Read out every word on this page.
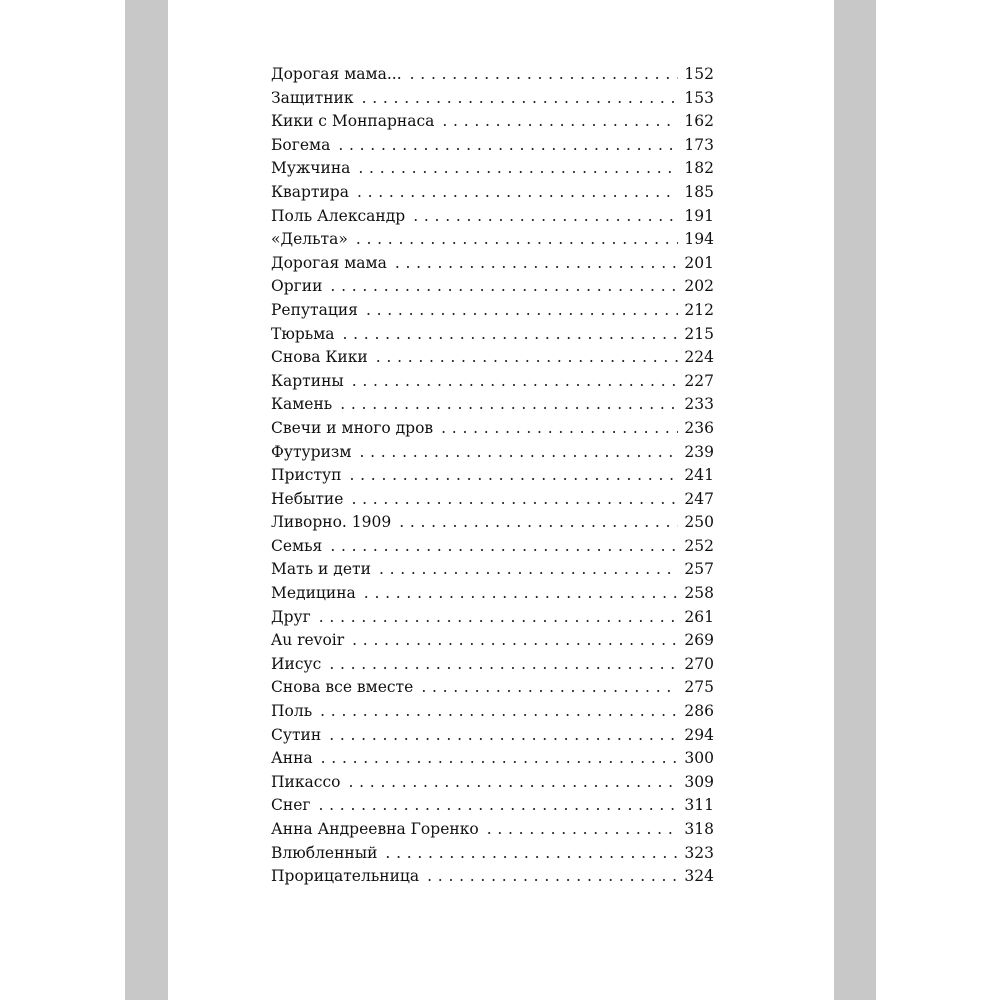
Дорогая мама... . . .	152
Защитник . . .	153
Кики с Монпарнаса . . .	162
Богема . . .	173
Мужчина . . .	182
Квартира . . .	185
Поль Александр . . .	191
«Дельта» . . .	194
Дорогая мама . . .	201
Оргии . . .	202
Репутация . . .	212
Тюрьма . . .	215
Снова Кики . . .	224
Картины . . .	227
Камень . . .	233
Свечи и много дров . . .	236
Футуризм . . .	239
Приступ . . .	241
Небытие . . .	247
Ливорно. 1909 . . .	250
Семья . . .	252
Мать и дети . . .	257
Медицина . . .	258
Друг . . .	261
Au revoir . . .	269
Иисус . . .	270
Снова все вместе . . .	275
Поль . . .	286
Сутин . . .	294
Анна . . .	300
Пикассо . . .	309
Снег . . .	311
Анна Андреевна Горенко . . .	318
Влюбленный . . .	323
Прорицательница . . .	324
